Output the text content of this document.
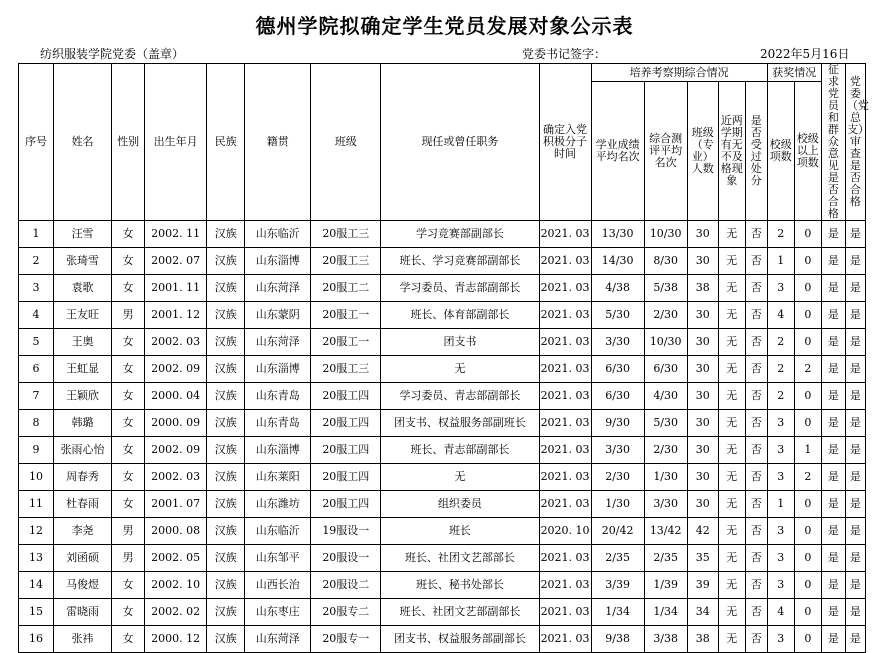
德州学院拟确定学生党员发展对象公示表
纺织服装学院党委（盖章）	党委书记签字：	2022年5月16日
序号	姓名	性别	出生年月	民族	籍贯	班级	现任或曾任职务	确定入党积极分子时间	培养考察期综合情况					获奖情况		征求党员和群众意见是否合格	党委（党总支）审查是否合格
									学业成绩平均名次	综合测评平均名次	班级（专业）人数	近两学期有无不及格现象	是否受过处分	校级项数	校级以上项数		
1	汪雪	女	2002. 11	汉族	山东临沂	20服工三	学习竞赛部副部长	2021. 03	13/30	10/30	30	无	否	2	0	是	是
2	张琦雪	女	2002. 07	汉族	山东淄博	20服工三	班长、学习竞赛部副部长	2021. 03	14/30	8/30	30	无	否	1	0	是	是
3	袁歌	女	2001. 11	汉族	山东菏泽	20服工二	学习委员、青志部副部长	2021. 03	4/38	5/38	38	无	否	3	0	是	是
4	王友旺	男	2001. 12	汉族	山东蒙阴	20服工一	班长、体育部副部长	2021. 03	5/30	2/30	30	无	否	4	0	是	是
5	王奥	女	2002. 03	汉族	山东菏泽	20服工一	团支书	2021. 03	3/30	10/30	30	无	否	2	0	是	是
6	王虹显	女	2002. 09	汉族	山东淄博	20服工三	无	2021. 03	6/30	6/30	30	无	否	2	2	是	是
7	王颖欣	女	2000. 04	汉族	山东青岛	20服工四	学习委员、青志部副部长	2021. 03	6/30	4/30	30	无	否	2	0	是	是
8	韩璐	女	2000. 09	汉族	山东青岛	20服工四	团支书、权益服务部副班长	2021. 03	9/30	5/30	30	无	否	3	0	是	是
9	张雨心怡	女	2002. 09	汉族	山东淄博	20服工四	班长、青志部副部长	2021. 03	3/30	2/30	30	无	否	3	1	是	是
10	周春秀	女	2002. 03	汉族	山东莱阳	20服工四	无	2021. 03	2/30	1/30	30	无	否	3	2	是	是
11	杜春雨	女	2001. 07	汉族	山东潍坊	20服工四	组织委员	2021. 03	1/30	3/30	30	无	否	1	0	是	是
12	李尧	男	2000. 08	汉族	山东临沂	19服设一	班长	2020. 10	20/42	13/42	42	无	否	3	0	是	是
13	刘函硕	男	2002. 05	汉族	山东邹平	20服设一	班长、社团文艺部部长	2021. 03	2/35	2/35	35	无	否	3	0	是	是
14	马俊煜	女	2002. 10	汉族	山西长治	20服设二	班长、秘书处部长	2021. 03	3/39	1/39	39	无	否	3	0	是	是
15	雷晓雨	女	2002. 02	汉族	山东枣庄	20服专二	班长、社团文艺部副部长	2021. 03	1/34	1/34	34	无	否	4	0	是	是
16	张祎	女	2000. 12	汉族	山东菏泽	20服专一	团支书、权益服务部副部长	2021. 03	9/38	3/38	38	无	否	3	0	是	是
